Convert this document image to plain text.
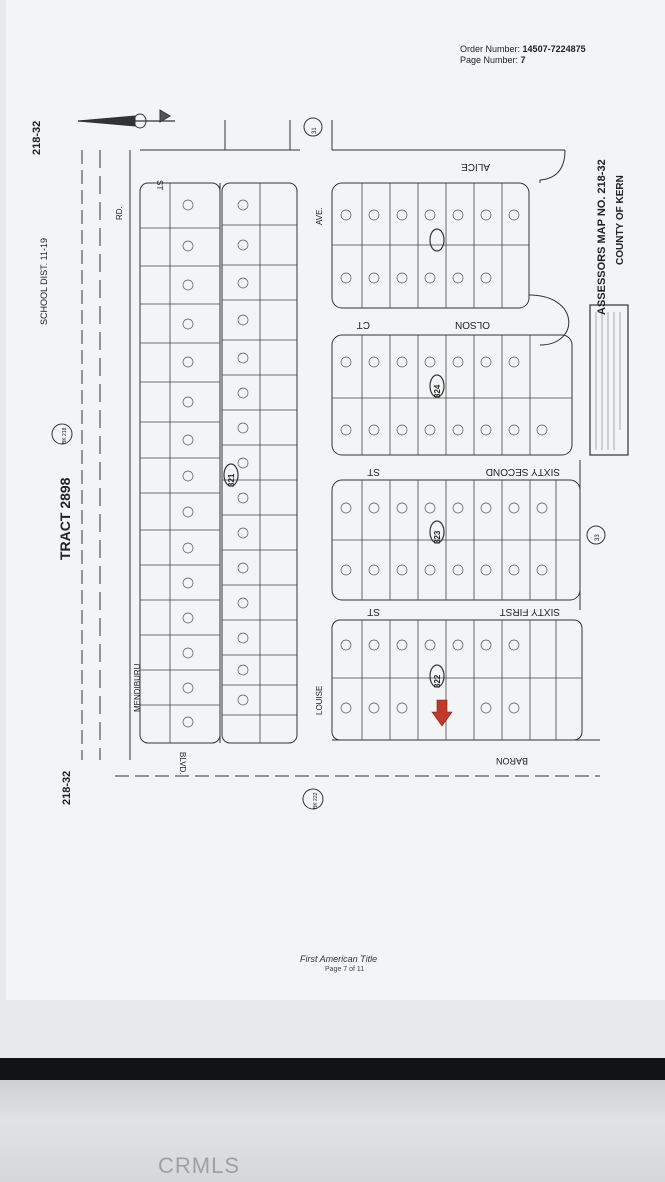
Order Number: 14507-7224875
Page Number: 7
TRACT 2898
SCHOOL DIST. 11-19
218-32
218-32
ASSESSORS MAP NO. 218-32 COUNTY OF KERN
MENDIBURU
ST
BLVD.
RD.
LOUISE
AVE.
ALICE
OLSON
CT
SIXTY SECOND
ST
SIXTY FIRST
ST
BARON
321
322
323
324
BK 218
BK 222
31
33
First American Title
Page 7 of 11
CRMLS
